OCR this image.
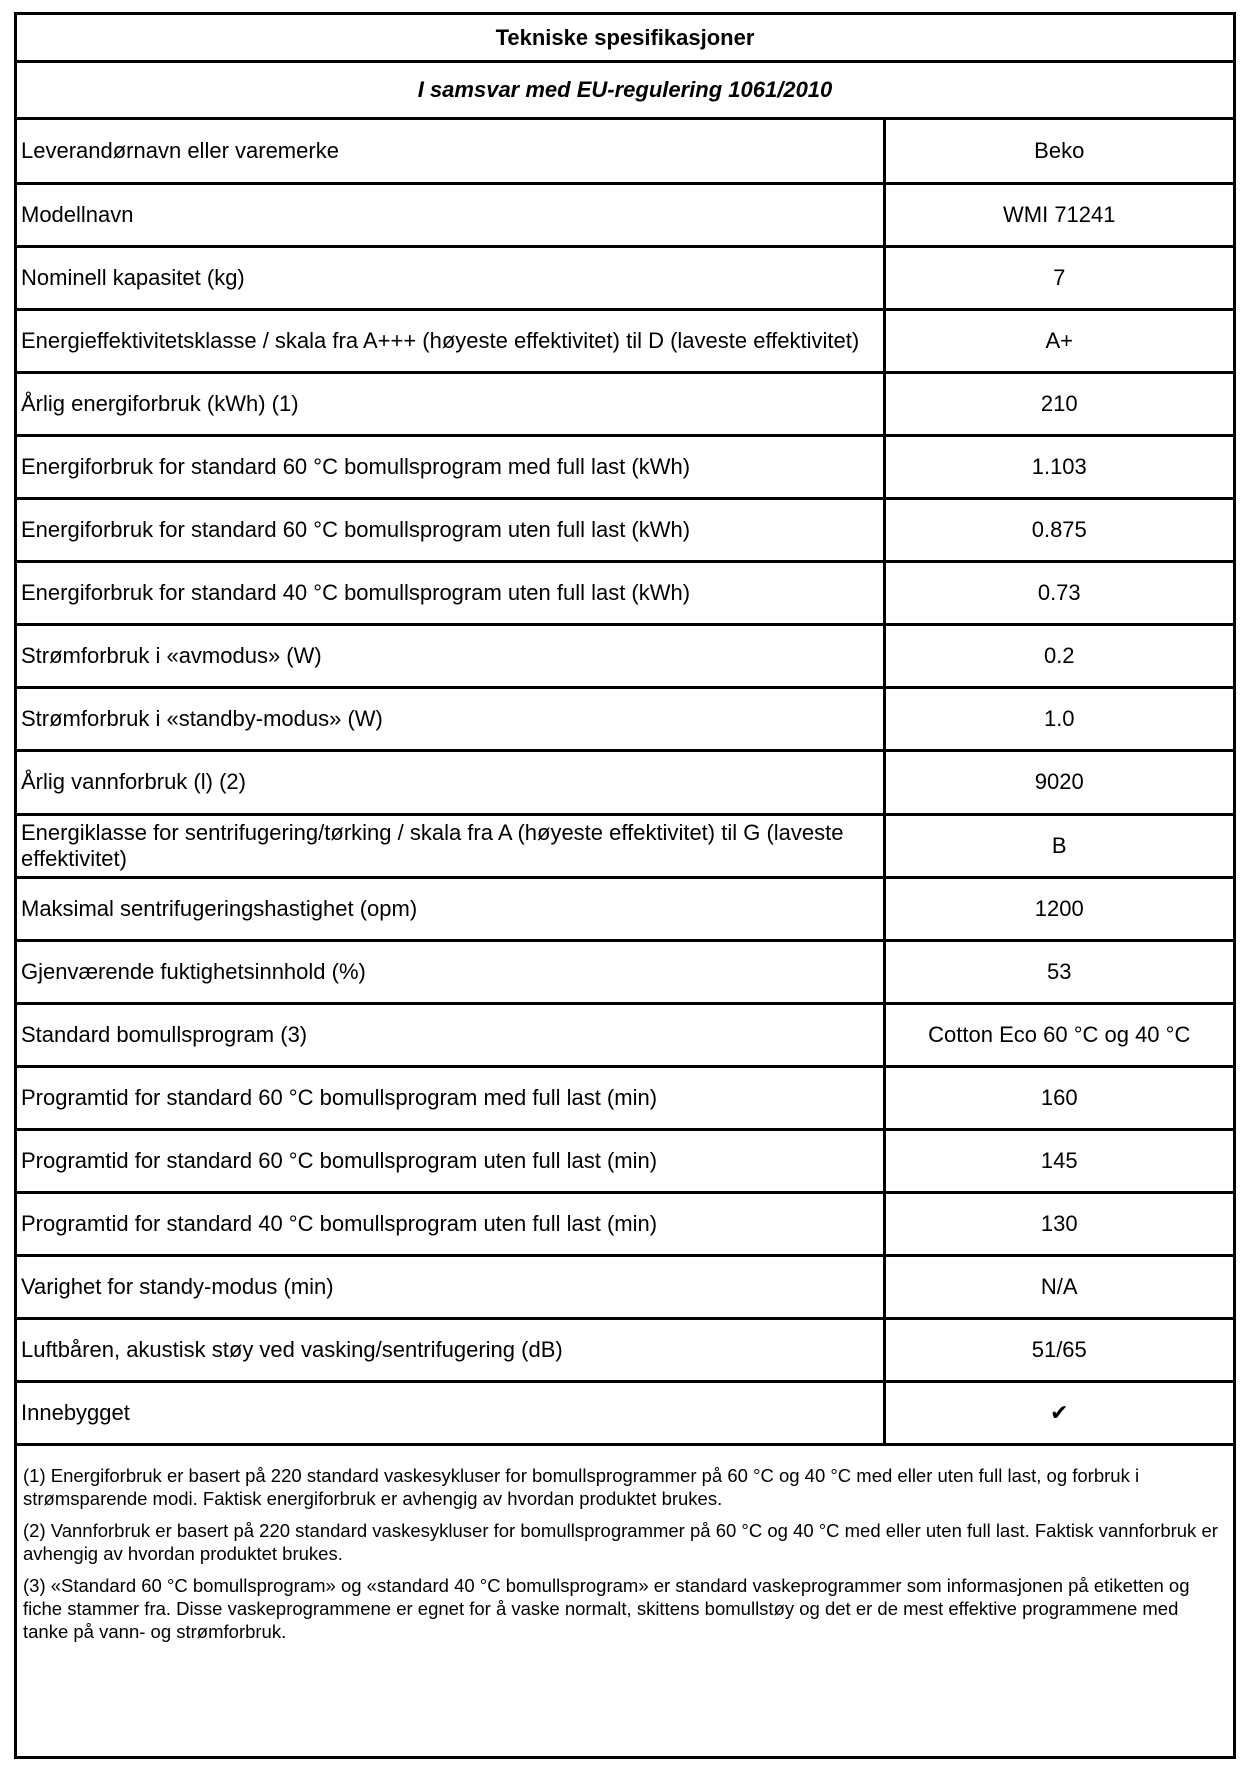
Tekniske spesifikasjoner
I samsvar med EU-regulering 1061/2010
Leverandørnavn eller varemerke	Beko
Modellnavn	WMI 71241
Nominell kapasitet (kg)	7
Energieffektivitetsklasse / skala fra A+++ (høyeste effektivitet) til D (laveste effektivitet)	A+
Årlig energiforbruk (kWh) (1)	210
Energiforbruk for standard 60 °C bomullsprogram med full last (kWh)	1.103
Energiforbruk for standard 60 °C bomullsprogram uten full last (kWh)	0.875
Energiforbruk for standard 40 °C bomullsprogram uten full last (kWh)	0.73
Strømforbruk i «avmodus» (W)	0.2
Strømforbruk i «standby-modus» (W)	1.0
Årlig vannforbruk (l) (2)	9020
Energiklasse for sentrifugering/tørking / skala fra A (høyeste effektivitet) til G (laveste effektivitet)	B
Maksimal sentrifugeringshastighet (opm)	1200
Gjenværende fuktighetsinnhold (%)	53
Standard bomullsprogram (3)	Cotton Eco 60 °C og 40 °C
Programtid for standard 60 °C bomullsprogram med full last (min)	160
Programtid for standard 60 °C bomullsprogram uten full last (min)	145
Programtid for standard 40 °C bomullsprogram uten full last (min)	130
Varighet for standy-modus (min)	N/A
Luftbåren, akustisk støy ved vasking/sentrifugering (dB)	51/65
Innebygget	✔

(1) Energiforbruk er basert på 220 standard vaskesykluser for bomullsprogrammer på 60 °C og 40 °C med eller uten full last, og forbruk i strømsparende modi. Faktisk energiforbruk er avhengig av hvordan produktet brukes.

(2) Vannforbruk er basert på 220 standard vaskesykluser for bomullsprogrammer på 60 °C og 40 °C med eller uten full last. Faktisk vannforbruk er avhengig av hvordan produktet brukes.

(3) «Standard 60 °C bomullsprogram» og «standard 40 °C bomullsprogram» er standard vaskeprogrammer som informasjonen på etiketten og fiche stammer fra. Disse vaskeprogrammene er egnet for å vaske normalt, skittens bomullstøy og det er de mest effektive programmene med tanke på vann- og strømforbruk.
